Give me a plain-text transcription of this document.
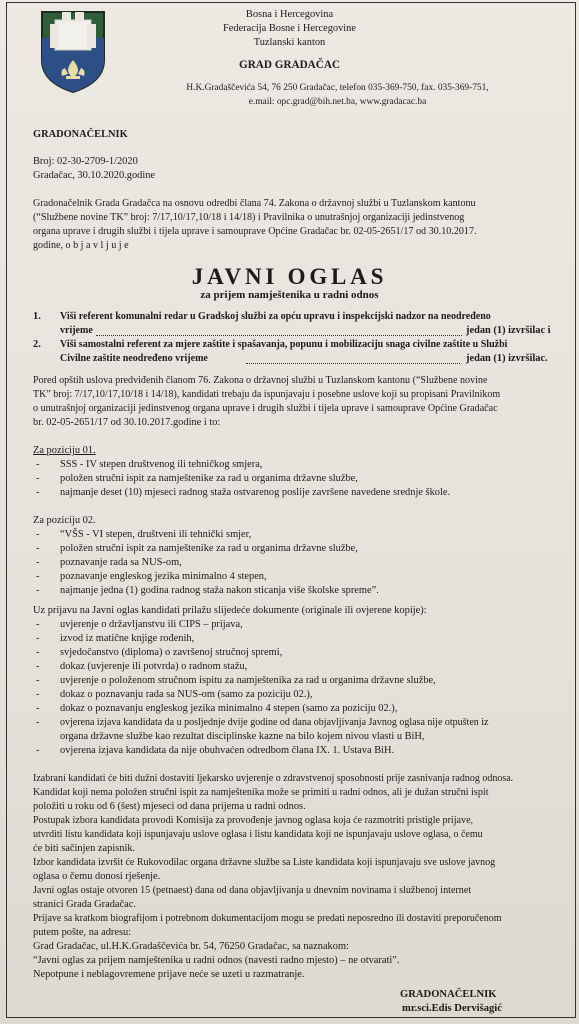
Bosna i Hercegovina
Federacija Bosne i Hercegovine
Tuzlanski kanton
GRAD GRADAČAC
H.K.Gradaščevića 54, 76 250 Gradačac, telefon 035-369-750, fax. 035-369-751,
e.mail: opc.grad@bih.net.ba, www.gradacac.ba
GRADONAČELNIK
Broj: 02-30-2709-1/2020
Gradačac, 30.10.2020.godine
Gradonačelnik Grada Gradačca na osnovu odredbi člana 74. Zakona o državnoj službi u Tuzlanskom kantonu
(“Službene novine TK” broj: 7/17,10/17,10/18 i 14/18) i Pravilnika o unutrašnjoj organizaciji jedinstvenog
organa uprave i drugih službi i tijela uprave i samouprave Općine Gradačac br. 02-05-2651/17 od 30.10.2017.
godine, o b j a v l j u j e
JAVNI OGLAS
za prijem namještenika u radni odnos
1. Viši referent komunalni redar u Gradskoj službi za opću upravu i inspekcijski nadzor na neodređeno
vrijeme	jedan (1) izvršilac i
2. Viši samostalni referent za mjere zaštite i spašavanja, popunu i mobilizaciju snaga civilne zaštite u Službi
Civilne zaštite neodređeno vrijeme	jedan (1) izvršilac.
Pored opštih uslova predviđenih članom 76. Zakona o državnoj službi u Tuzlanskom kantonu (“Službene novine
TK” broj: 7/17,10/17,10/18 i 14/18), kandidati trebaju da ispunjavaju i posebne uslove koji su propisani Pravilnikom
o unutrašnjoj organizaciji jedinstvenog organa uprave i drugih službi i tijela uprave i samouprave Općine Gradačac
br. 02-05-2651/17 od 30.10.2017.godine i to:
Za poziciju 01.
- SSS - IV stepen društvenog ili tehničkog smjera,
- položen stručni ispit za namještenike za rad u organima državne službe,
- najmanje deset (10) mjeseci radnog staža ostvarenog poslije završene navedene srednje škole.
Za poziciju 02.
- “VŠS - VI stepen, društveni ili tehnički smjer,
- položen stručni ispit za namještenike za rad u organima državne službe,
- poznavanje rada sa NUS-om,
- poznavanje engleskog jezika minimalno 4 stepen,
- najmanje jedna (1) godina radnog staža nakon sticanja više školske spreme”.
Uz prijavu na Javni oglas kandidati prilažu slijedeće dokumente (originale ili ovjerene kopije):
- uvjerenje o državljanstvu ili CIPS – prijava,
- izvod iz matične knjige rođenih,
- svjedočanstvo (diploma) o završenoj stručnoj spremi,
- dokaz (uvjerenje ili potvrda) o radnom stažu,
- uvjerenje o položenom stručnom ispitu za namještenika za rad u organima državne službe,
- dokaz o poznavanju rada sa NUS-om (samo za poziciju 02.),
- dokaz o poznavanju engleskog jezika minimalno 4 stepen (samo za poziciju 02.),
- ovjerena izjava kandidata da u posljednje dvije godine od dana objavljivanja Javnog oglasa nije otpušten iz
organa državne službe kao rezultat disciplinske kazne na bilo kojem nivou vlasti u BiH,
- ovjerena izjava kandidata da nije obuhvaćen odredbom člana IX. 1. Ustava BiH.
Izabrani kandidati će biti dužni dostaviti ljekarsko uvjerenje o zdravstvenoj sposobnosti prije zasnivanja radnog odnosa.
Kandidat koji nema položen stručni ispit za namještenika može se primiti u radni odnos, ali je dužan stručni ispit
položiti u roku od 6 (šest) mjeseci od dana prijema u radni odnos.
Postupak izbora kandidata provodi Komisija za provođenje javnog oglasa koja će razmotriti pristigle prijave,
utvrditi listu kandidata koji ispunjavaju uslove oglasa i listu kandidata koji ne ispunjavaju uslove oglasa, o čemu
će biti sačinjen zapisnik.
Izbor kandidata izvršit će Rukovodilac organa državne službe sa Liste kandidata koji ispunjavaju sve uslove javnog
oglasa o čemu donosi rješenje.
Javni oglas ostaje otvoren 15 (petnaest) dana od dana objavljivanja u dnevnim novinama i službenoj internet
stranici Grada Gradačac.
Prijave sa kratkom biografijom i potrebnom dokumentacijom mogu se predati neposredno ili dostaviti preporučenom
putem pošte, na adresu:
Grad Gradačac, ul.H.K.Gradaščevića br. 54, 76250 Gradačac, sa naznakom:
“Javni oglas za prijem namještenika u radni odnos (navesti radno mjesto) – ne otvarati”.
Nepotpune i neblagovremene prijave neće se uzeti u razmatranje.
GRADONAČELNIK
mr.sci.Edis Dervišagić
